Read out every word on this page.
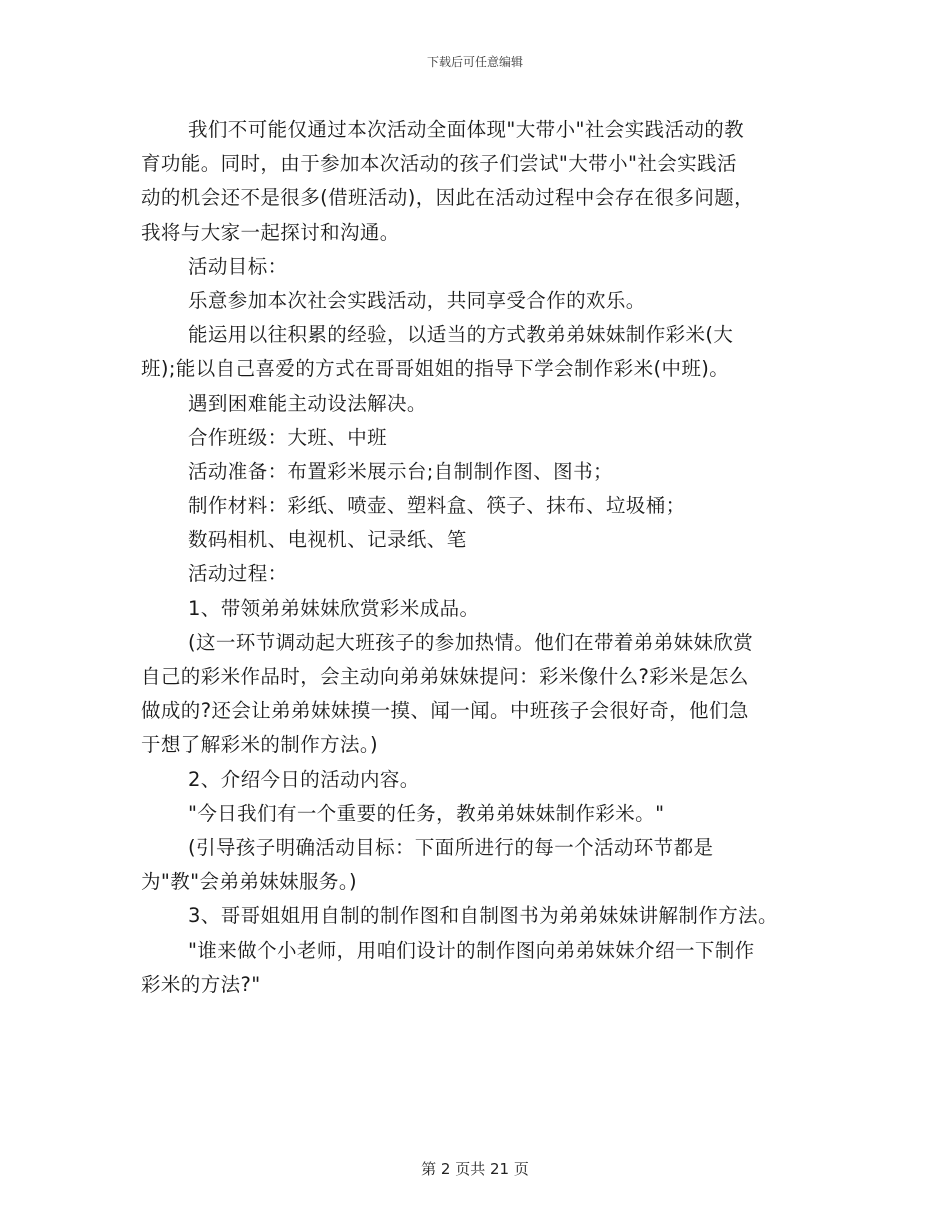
下载后可任意编辑
我们不可能仅通过本次活动全面体现"大带小"社会实践活动的教
育功能。同时，由于参加本次活动的孩子们尝试"大带小"社会实践活
动的机会还不是很多(借班活动)，因此在活动过程中会存在很多问题，
我将与大家一起探讨和沟通。
活动目标：
乐意参加本次社会实践活动，共同享受合作的欢乐。
能运用以往积累的经验，以适当的方式教弟弟妹妹制作彩米(大
班);能以自己喜爱的方式在哥哥姐姐的指导下学会制作彩米(中班)。
遇到困难能主动设法解决。
合作班级：大班、中班
活动准备：布置彩米展示台;自制制作图、图书；
制作材料：彩纸、喷壶、塑料盒、筷子、抹布、垃圾桶；
数码相机、电视机、记录纸、笔
活动过程：
1、带领弟弟妹妹欣赏彩米成品。
(这一环节调动起大班孩子的参加热情。他们在带着弟弟妹妹欣赏
自己的彩米作品时，会主动向弟弟妹妹提问：彩米像什么?彩米是怎么
做成的?还会让弟弟妹妹摸一摸、闻一闻。中班孩子会很好奇，他们急
于想了解彩米的制作方法。)
2、介绍今日的活动内容。
"今日我们有一个重要的任务，教弟弟妹妹制作彩米。"
(引导孩子明确活动目标：下面所进行的每一个活动环节都是
为"教"会弟弟妹妹服务。)
3、哥哥姐姐用自制的制作图和自制图书为弟弟妹妹讲解制作方法。
"谁来做个小老师，用咱们设计的制作图向弟弟妹妹介绍一下制作
彩米的方法?"
第 2 页共 21 页
